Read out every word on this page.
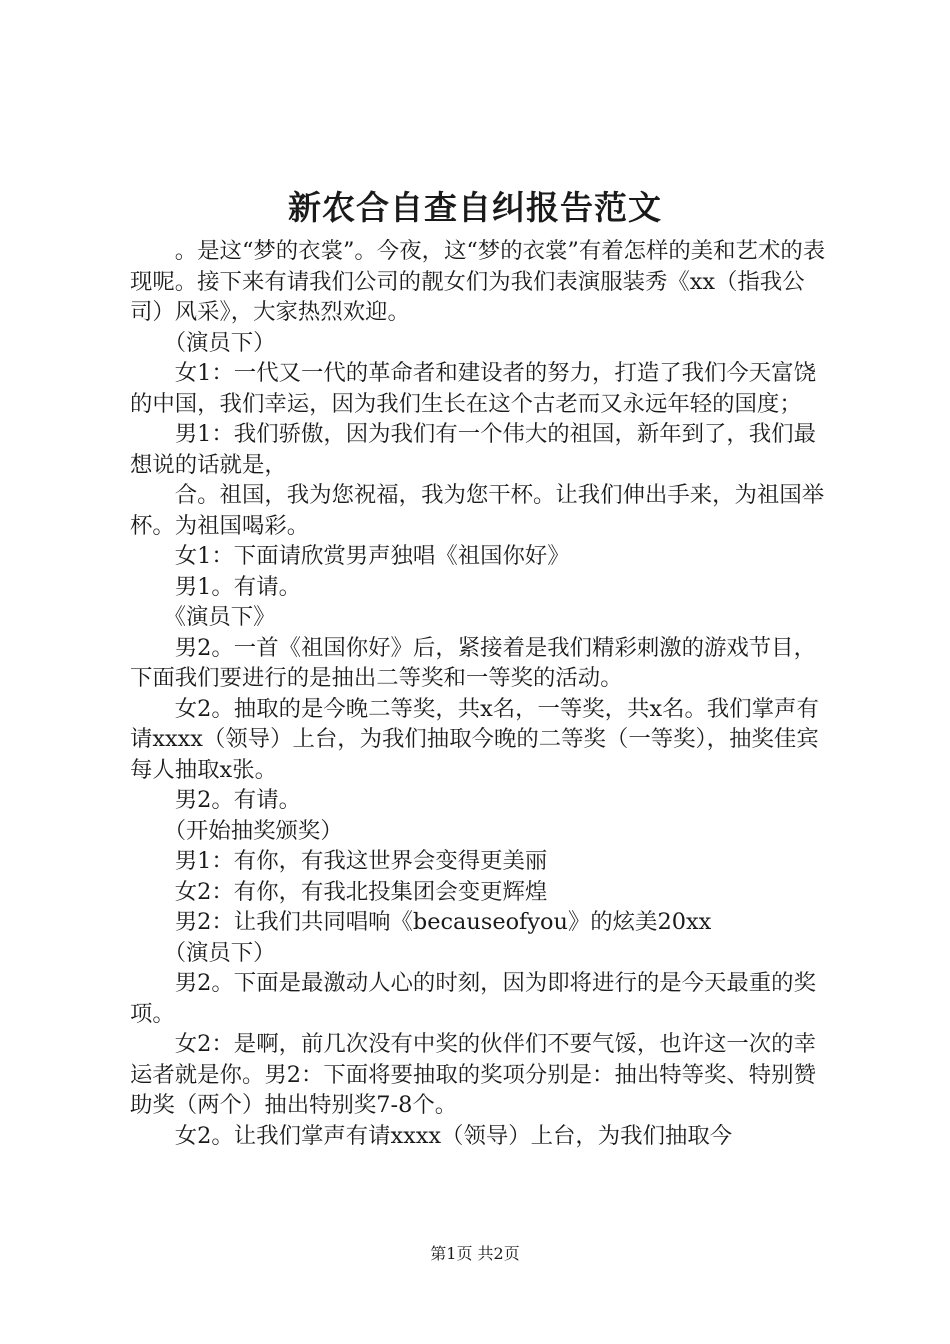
新农合自查自纠报告范文

　　。是这“梦的衣裳”。今夜，这“梦的衣裳”有着怎样的美和艺术的表现呢。接下来有请我们公司的靓女们为我们表演服装秀《xx（指我公司）风采》，大家热烈欢迎。

　　（演员下）

　　女1：一代又一代的革命者和建设者的努力，打造了我们今天富饶的中国，我们幸运，因为我们生长在这个古老而又永远年轻的国度；

　　男1：我们骄傲，因为我们有一个伟大的祖国，新年到了，我们最想说的话就是，

　　合。祖国，我为您祝福，我为您干杯。让我们伸出手来，为祖国举杯。为祖国喝彩。

　　女1：下面请欣赏男声独唱《祖国你好》

　　男1。有请。

　　《演员下》

　　男2。一首《祖国你好》后，紧接着是我们精彩刺激的游戏节目，下面我们要进行的是抽出二等奖和一等奖的活动。

　　女2。抽取的是今晚二等奖，共x名，一等奖，共x名。我们掌声有请xxxx（领导）上台，为我们抽取今晚的二等奖（一等奖），抽奖佳宾每人抽取x张。

　　男2。有请。

　　（开始抽奖颁奖）

　　男1：有你，有我这世界会变得更美丽

　　女2：有你，有我北投集团会变更辉煌

　　男2：让我们共同唱响《becauseofyou》的炫美20xx

　　（演员下）

　　男2。下面是最激动人心的时刻，因为即将进行的是今天最重的奖项。

　　女2：是啊，前几次没有中奖的伙伴们不要气馁，也许这一次的幸运者就是你。男2：下面将要抽取的奖项分别是：抽出特等奖、特别赞助奖（两个）抽出特别奖7-8个。

　　女2。让我们掌声有请xxxx（领导）上台，为我们抽取今

第1页 共2页
